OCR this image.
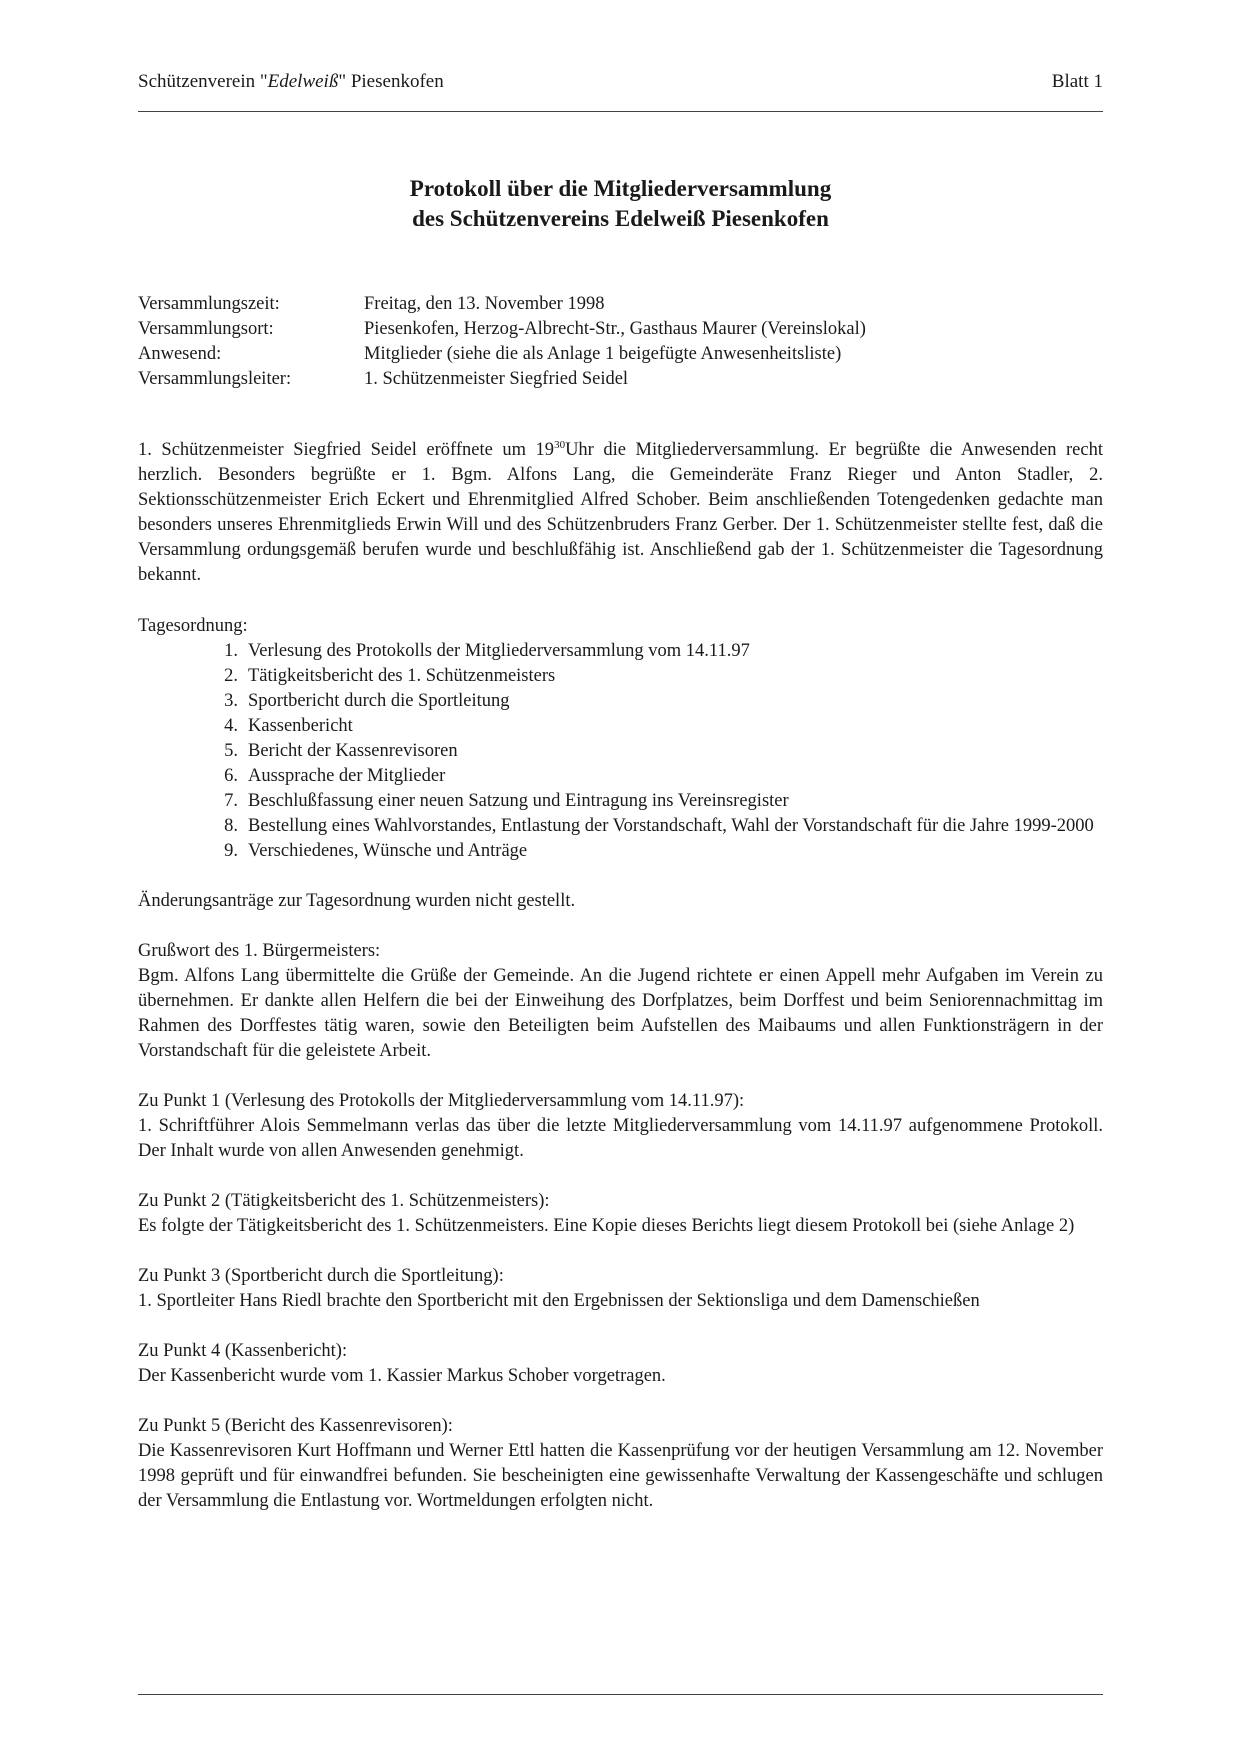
Schützenverein "Edelweiß" Piesenkofen	Blatt 1
Protokoll über die Mitgliederversammlung
des Schützenvereins Edelweiß Piesenkofen
Versammlungszeit:	Freitag, den 13. November 1998
Versammlungsort:	Piesenkofen, Herzog-Albrecht-Str., Gasthaus Maurer (Vereinslokal)
Anwesend:	Mitglieder (siehe die als Anlage 1 beigefügte Anwesenheitsliste)
Versammlungsleiter:	1. Schützenmeister Siegfried Seidel

1. Schützenmeister Siegfried Seidel eröffnete um $19^{30}Uhr$ die Mitgliederversammlung. Er begrüßte die Anwesenden recht herzlich. Besonders begrüßte er 1. Bgm. Alfons Lang, die Gemeinderäte Franz Rieger und Anton Stadler, 2. Sektionsschützenmeister Erich Eckert und Ehrenmitglied Alfred Schober. Beim anschließenden Totengedenken gedachte man besonders unseres Ehrenmitglieds Erwin Will und des Schützenbruders Franz Gerber. Der 1. Schützenmeister stellte fest, daß die Versammlung ordungsgemäß berufen wurde und beschlußfähig ist. Anschließend gab der 1. Schützenmeister die Tagesordnung bekannt.

Tagesordnung:
1. Verlesung des Protokolls der Mitgliederversammlung vom 14.11.97
2. Tätigkeitsbericht des 1. Schützenmeisters
3. Sportbericht durch die Sportleitung
4. Kassenbericht
5. Bericht der Kassenrevisoren
6. Aussprache der Mitglieder
7. Beschlußfassung einer neuen Satzung und Eintragung ins Vereinsregister
8. Bestellung eines Wahlvorstandes, Entlastung der Vorstandschaft, Wahl der Vorstandschaft für die Jahre 1999-2000
9. Verschiedenes, Wünsche und Anträge

Änderungsanträge zur Tagesordnung wurden nicht gestellt.

Grußwort des 1. Bürgermeisters:

Bgm. Alfons Lang übermittelte die Grüße der Gemeinde. An die Jugend richtete er einen Appell mehr Aufgaben im Verein zu übernehmen. Er dankte allen Helfern die bei der Einweihung des Dorfplatzes, beim Dorffest und beim Seniorennachmittag im Rahmen des Dorffestes tätig waren, sowie den Beteiligten beim Aufstellen des Maibaums und allen Funktionsträgern in der Vorstandschaft für die geleistete Arbeit.

Zu Punkt 1 (Verlesung des Protokolls der Mitgliederversammlung vom 14.11.97):

1. Schriftführer Alois Semmelmann verlas das über die letzte Mitgliederversammlung vom 14.11.97 aufgenommene Protokoll. Der Inhalt wurde von allen Anwesenden genehmigt.

Zu Punkt 2 (Tätigkeitsbericht des 1. Schützenmeisters):

Es folgte der Tätigkeitsbericht des 1. Schützenmeisters. Eine Kopie dieses Berichts liegt diesem Protokoll bei (siehe Anlage 2)

Zu Punkt 3 (Sportbericht durch die Sportleitung):

1. Sportleiter Hans Riedl brachte den Sportbericht mit den Ergebnissen der Sektionsliga und dem Damenschießen

Zu Punkt 4 (Kassenbericht):

Der Kassenbericht wurde vom 1. Kassier Markus Schober vorgetragen.

Zu Punkt 5 (Bericht des Kassenrevisoren):

Die Kassenrevisoren Kurt Hoffmann und Werner Ettl hatten die Kassenprüfung vor der heutigen Versammlung am 12. November 1998 geprüft und für einwandfrei befunden. Sie bescheinigten eine gewissenhafte Verwaltung der Kassengeschäfte und schlugen der Versammlung die Entlastung vor. Wortmeldungen erfolgten nicht.
